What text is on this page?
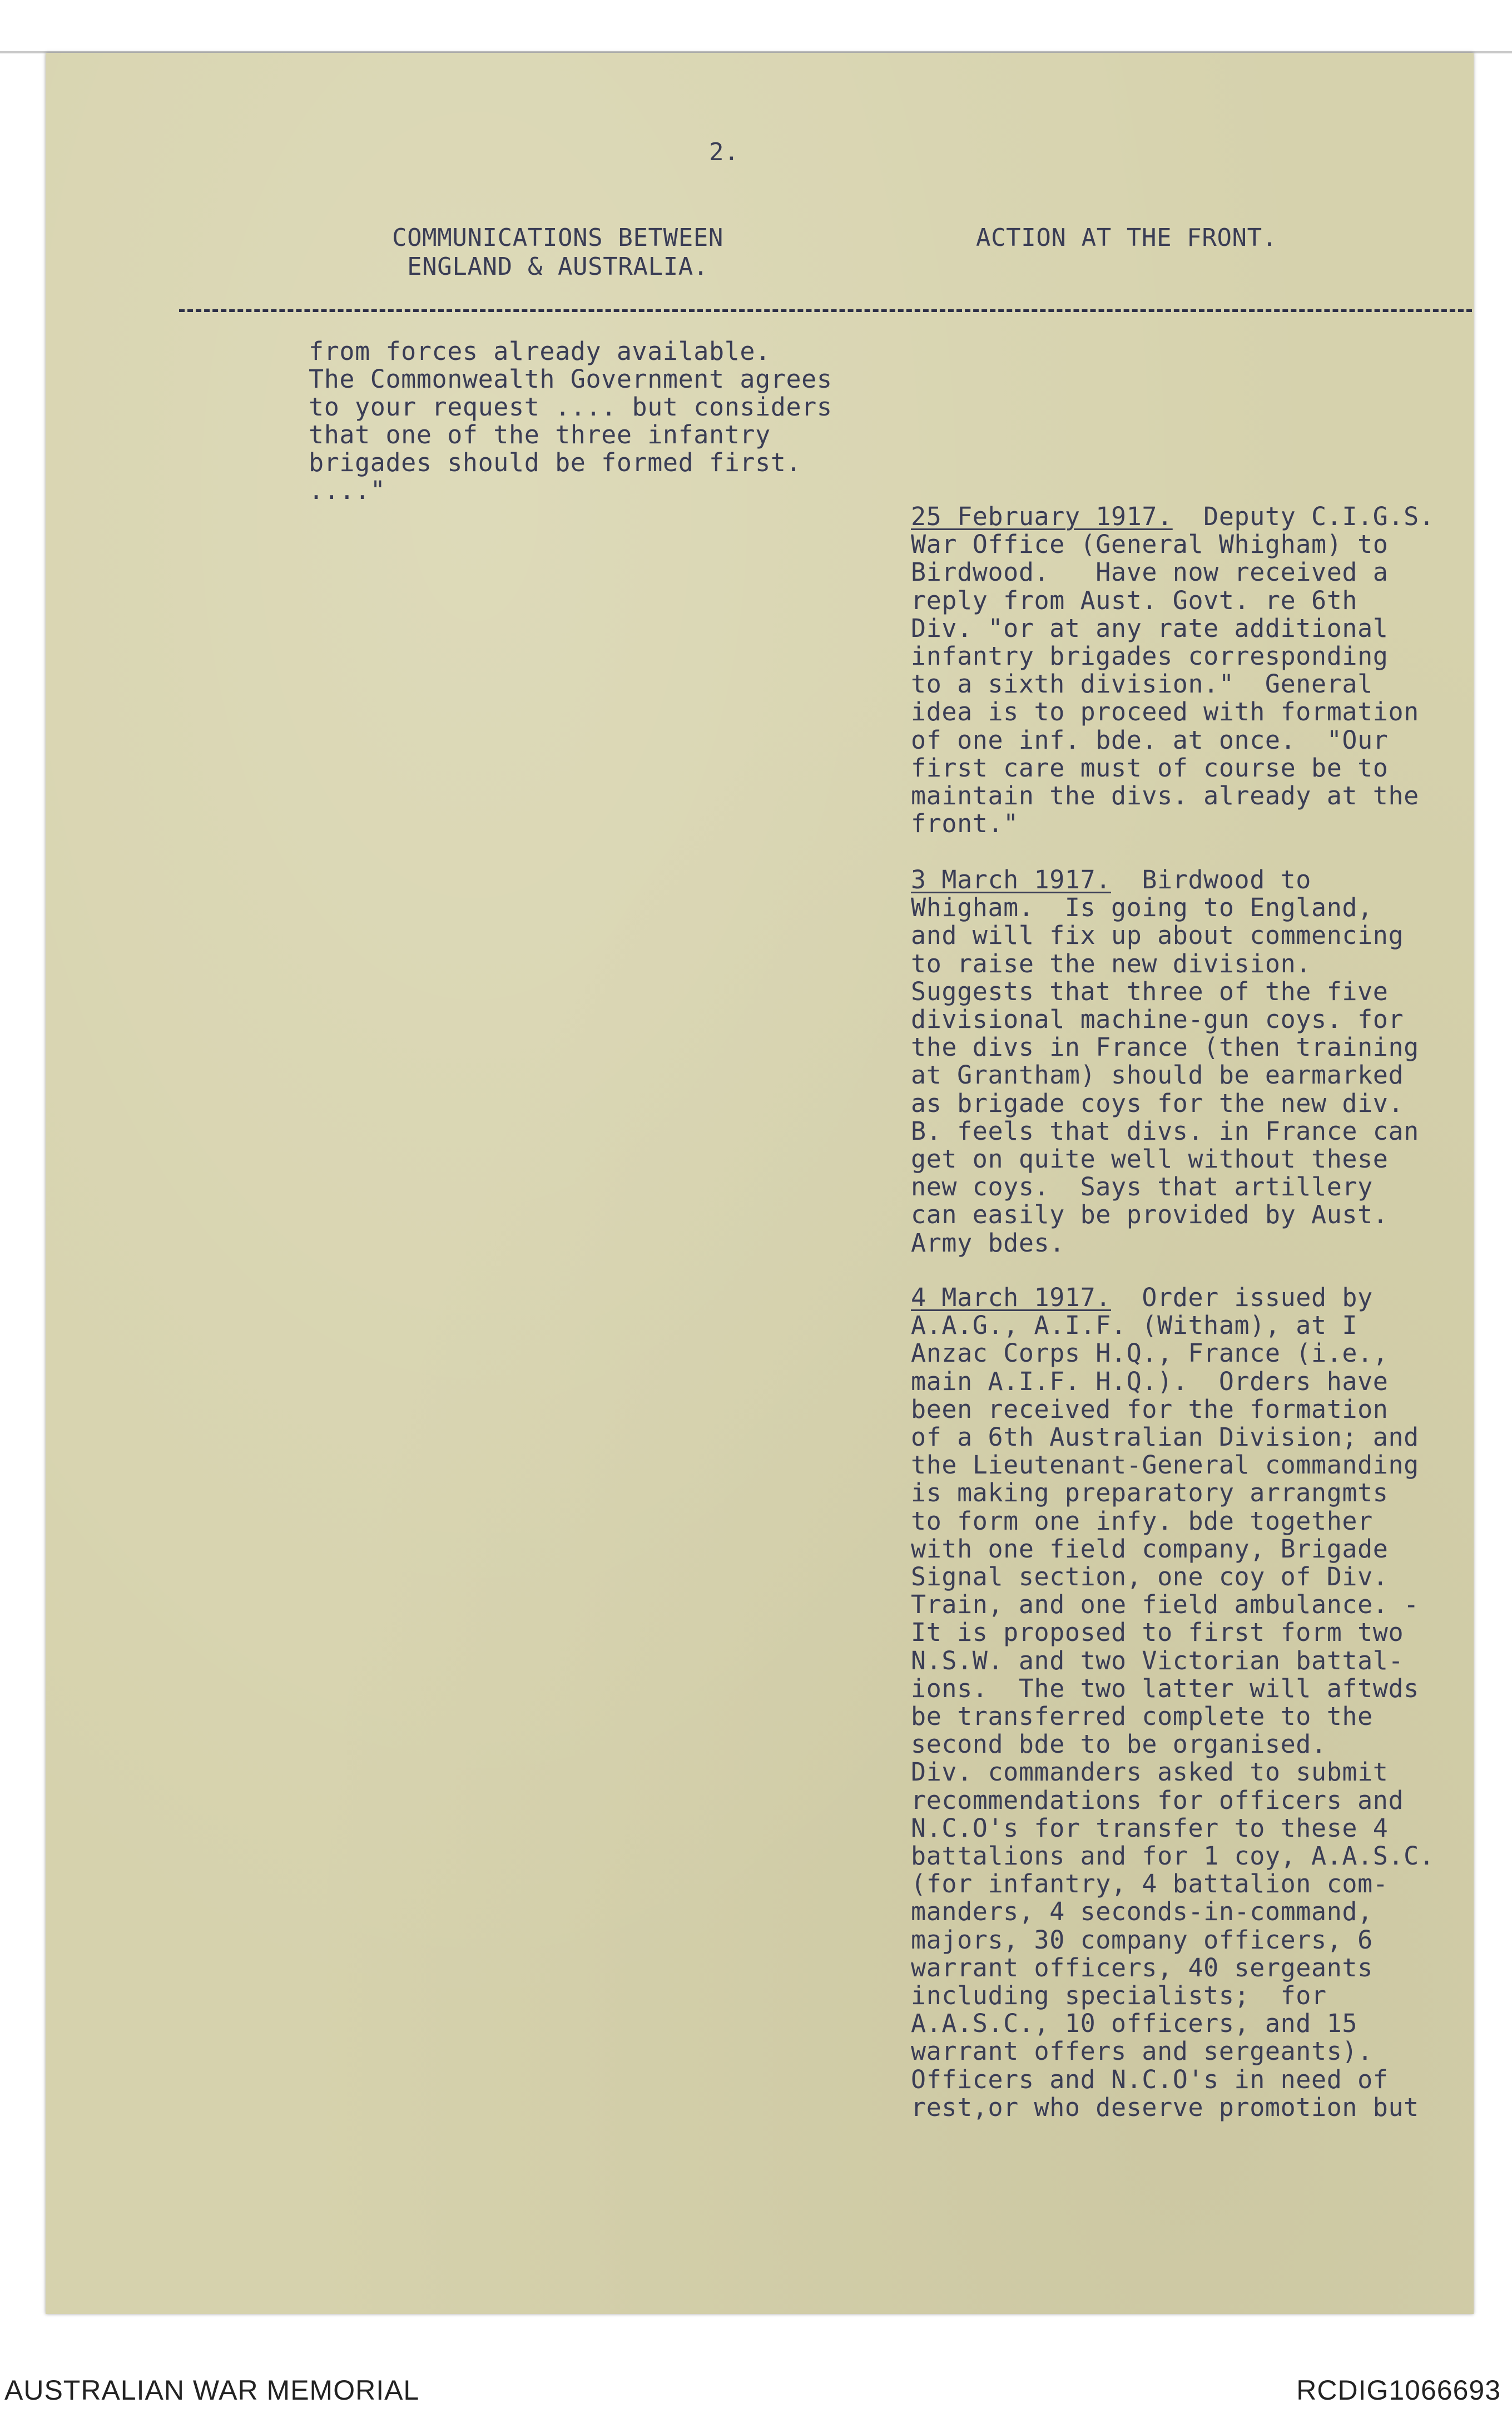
2.
COMMUNICATIONS BETWEEN
ENGLAND & AUSTRALIA.
ACTION AT THE FRONT.
from forces already available.
The Commonwealth Government agrees
to your request .... but considers
that one of the three infantry
brigades should be formed first.
...."
25 February 1917.  Deputy C.I.G.S.
War Office (General Whigham) to
Birdwood.   Have now received a
reply from Aust. Govt. re 6th
Div. "or at any rate additional
infantry brigades corresponding
to a sixth division."  General
idea is to proceed with formation
of one inf. bde. at once.  "Our
first care must of course be to
maintain the divs. already at the
front."
3 March 1917.  Birdwood to
Whigham.  Is going to England,
and will fix up about commencing
to raise the new division.
Suggests that three of the five
divisional machine-gun coys. for
the divs in France (then training
at Grantham) should be earmarked
as brigade coys for the new div.
B. feels that divs. in France can
get on quite well without these
new coys.  Says that artillery
can easily be provided by Aust.
Army bdes.
4 March 1917.  Order issued by
A.A.G., A.I.F. (Witham), at I
Anzac Corps H.Q., France (i.e.,
main A.I.F. H.Q.).  Orders have
been received for the formation
of a 6th Australian Division; and
the Lieutenant-General commanding
is making preparatory arrangmts
to form one infy. bde together
with one field company, Brigade
Signal section, one coy of Div.
Train, and one field ambulance. -
It is proposed to first form two
N.S.W. and two Victorian battal-
ions.  The two latter will aftwds
be transferred complete to the
second bde to be organised.
Div. commanders asked to submit
recommendations for officers and
N.C.O's for transfer to these 4
battalions and for 1 coy, A.A.S.C.
(for infantry, 4 battalion com-
manders, 4 seconds-in-command,
majors, 30 company officers, 6
warrant officers, 40 sergeants
including specialists;  for
A.A.S.C., 10 officers, and 15
warrant offers and sergeants).
Officers and N.C.O's in need of
rest,or who deserve promotion but
AUSTRALIAN WAR MEMORIAL	RCDIG1066693
